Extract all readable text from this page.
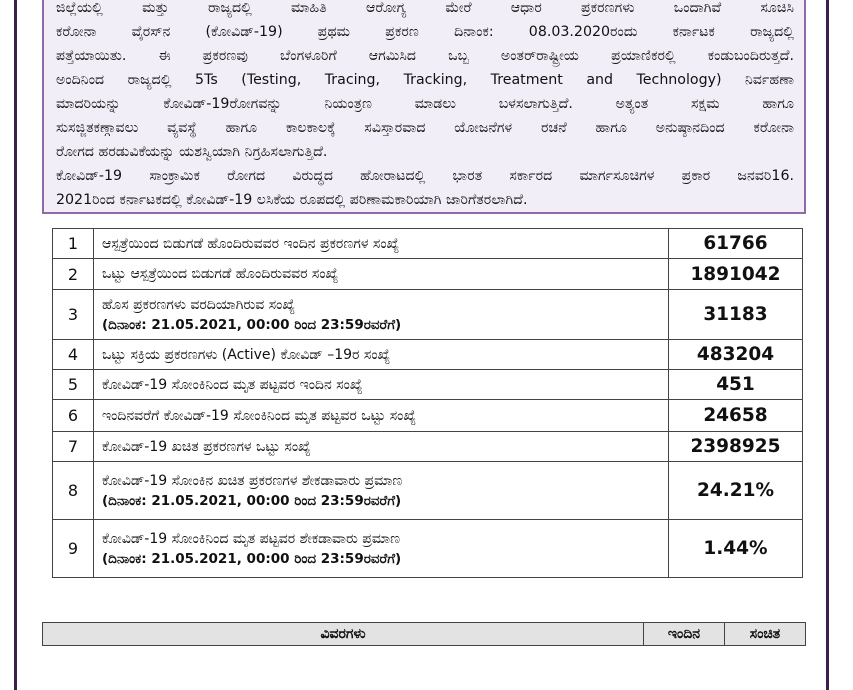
ಜಿಲ್ಲೆಯಲ್ಲಿ ಮತ್ತು ರಾಜ್ಯದಲ್ಲಿ ಮಾಹಿತಿ ಆರೋಗ್ಯ ಮೇರೆ ಆಧಾರ ಪ್ರಕರಣಗಳು ಒಂದಾಗಿವೆ ಸೂಚಿಸಿ
ಕರೋನಾ ವೈರಸ್‌ನ (ಕೋವಿಡ್-19) ಪ್ರಥಮ ಪ್ರಕರಣ ದಿನಾಂಕ: 08.03.2020ರಂದು ಕರ್ನಾಟಕ ರಾಜ್ಯದಲ್ಲಿ
ಪತ್ತೆಯಾಯಿತು. ಈ ಪ್ರಕರಣವು ಬೆಂಗಳೂರಿಗೆ ಆಗಮಿಸಿದ ಒಬ್ಬ ಅಂತರ್‌ರಾಷ್ಟ್ರೀಯ ಪ್ರಯಾಣಿಕರಲ್ಲಿ ಕಂಡುಬಂದಿರುತ್ತದೆ.
ಅಂದಿನಿಂದ ರಾಜ್ಯದಲ್ಲಿ 5Ts (Testing, Tracing, Tracking, Treatment and Technology) ನಿರ್ವಹಣಾ
ಮಾದರಿಯನ್ನು ಕೋವಿಡ್-19ರೋಗವನ್ನು ನಿಯಂತ್ರಣ ಮಾಡಲು ಬಳಸಲಾಗುತ್ತಿದೆ. ಅತ್ಯಂತ ಸಕ್ಷಮ ಹಾಗೂ
ಸುಸಜ್ಜಿತಕಣ್ಗಾವಲು ವ್ಯವಸ್ಥೆ ಹಾಗೂ ಕಾಲಕಾಲಕ್ಕೆ ಸವಿಸ್ತಾರವಾದ ಯೋಜನೆಗಳ ರಚನೆ ಹಾಗೂ ಅನುಷ್ಠಾನದಿಂದ ಕರೋನಾ
ರೋಗದ ಹರಡುವಿಕೆಯನ್ನು ಯಶಸ್ವಿಯಾಗಿ ನಿಗ್ರಹಿಸಲಾಗುತ್ತಿದೆ.
ಕೋವಿಡ್-19 ಸಾಂಕ್ರಾಮಿಕ ರೋಗದ ವಿರುದ್ಧದ ಹೋರಾಟದಲ್ಲಿ ಭಾರತ ಸರ್ಕಾರದ ಮಾರ್ಗಸೂಚಿಗಳ ಪ್ರಕಾರ ಜನವರಿ16.
2021ರಿಂದ ಕರ್ನಾಟಕದಲ್ಲಿ ಕೋವಿಡ್-19 ಲಸಿಕೆಯ ರೂಪದಲ್ಲಿ ಪರಿಣಾಮಕಾರಿಯಾಗಿ ಜಾರಿಗೆತರಲಾಗಿದೆ.
1	ಆಸ್ಪತ್ರೆಯಿಂದ ಬಿಡುಗಡೆ ಹೊಂದಿರುವವರ ಇಂದಿನ ಪ್ರಕರಣಗಳ ಸಂಖ್ಯೆ	61766
2	ಒಟ್ಟು ಆಸ್ಪತ್ರೆಯಿಂದ ಬಿಡುಗಡೆ ಹೊಂದಿರುವವರ ಸಂಖ್ಯೆ	1891042
3	ಹೊಸ ಪ್ರಕರಣಗಳು ವರದಿಯಾಗಿರುವ ಸಂಖ್ಯೆ
(ದಿನಾಂಕ: 21.05.2021, 00:00 ರಿಂದ 23:59ರವರೆಗೆ)	31183
4	ಒಟ್ಟು ಸಕ್ರಿಯ ಪ್ರಕರಣಗಳು (Active) ಕೋವಿಡ್ –19ರ ಸಂಖ್ಯೆ	483204
5	ಕೋವಿಡ್-19 ಸೋಂಕಿನಿಂದ ಮೃತ ಪಟ್ಟವರ ಇಂದಿನ ಸಂಖ್ಯೆ	451
6	ಇಂದಿನವರೆಗೆ ಕೋವಿಡ್-19 ಸೋಂಕಿನಿಂದ ಮೃತ ಪಟ್ಟವರ ಒಟ್ಟು ಸಂಖ್ಯೆ	24658
7	ಕೋವಿಡ್-19 ಖಚಿತ ಪ್ರಕರಣಗಳ ಒಟ್ಟು ಸಂಖ್ಯೆ	2398925
8	ಕೋವಿಡ್-19 ಸೋಂಕಿನ ಖಚಿತ ಪ್ರಕರಣಗಳ ಶೇಕಡಾವಾರು ಪ್ರಮಾಣ
(ದಿನಾಂಕ: 21.05.2021, 00:00 ರಿಂದ 23:59ರವರೆಗೆ)	24.21%
9	ಕೋವಿಡ್-19 ಸೋಂಕಿನಿಂದ ಮೃತ ಪಟ್ಟವರ ಶೇಕಡಾವಾರು ಪ್ರಮಾಣ
(ದಿನಾಂಕ: 21.05.2021, 00:00 ರಿಂದ 23:59ರವರೆಗೆ)	1.44%
ವಿವರಗಳು	ಇಂದಿನ	ಸಂಚಿತ
